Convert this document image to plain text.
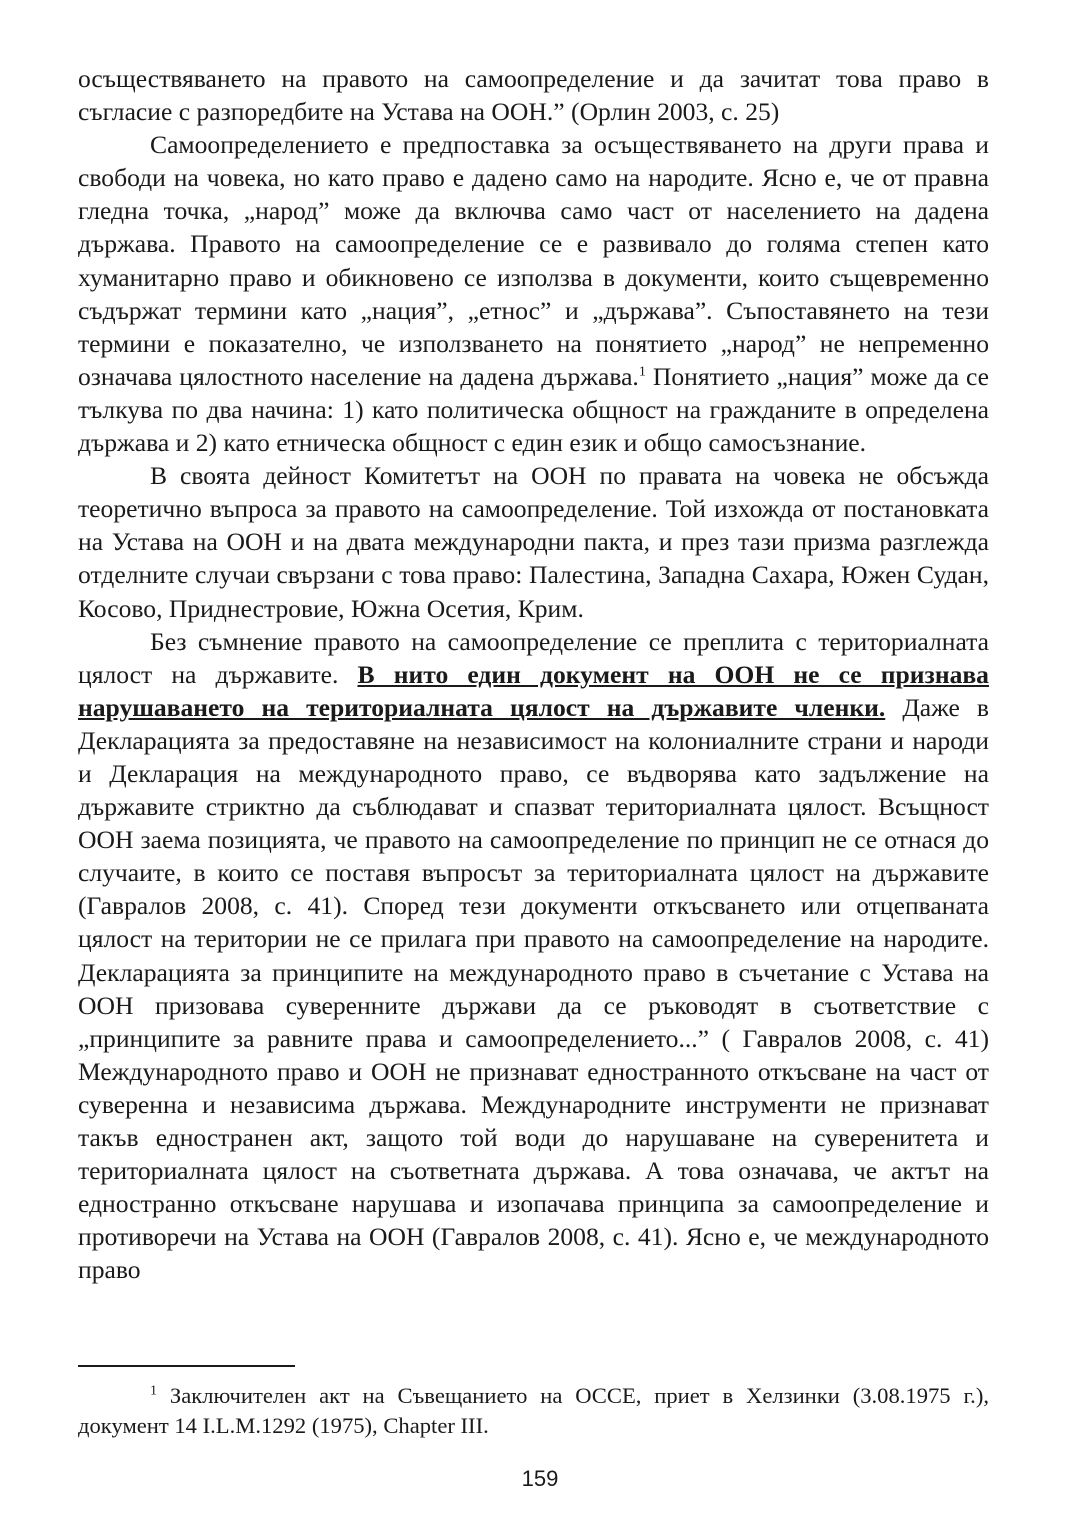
осъществяването на правото на самоопределение и да зачитат това право в съгласие с разпоредбите на Устава на ООН.” (Орлин 2003, с. 25)

Самоопределението е предпоставка за осъществяването на други права и свободи на човека, но като право е дадено само на народите. Ясно е, че от правна гледна точка, „народ” може да включва само част от населението на дадена държава. Правото на самоопределение се е развивало до голяма степен като хуманитарно право и обикновено се използва в документи, които същевременно съдържат термини като „нация”, „етнос” и „държава”. Съпоставянето на тези термини е показателно, че използването на понятието „народ” не непременно означава цялостното население на дадена държава.$^1$ Понятието „нация” може да се тълкува по два начина: 1) като политическа общност на гражданите в определена държава и 2) като етническа общност с един език и общо самосъзнание.

В своята дейност Комитетът на ООН по правата на човека не обсъжда теоретично въпроса за правото на самоопределение. Той изхожда от постановката на Устава на ООН и на двата международни пакта, и през тази призма разглежда отделните случаи свързани с това право: Палестина, Западна Сахара, Южен Судан, Косово, Приднестровие, Южна Осетия, Крим.

Без съмнение правото на самоопределение се преплита с териториалната цялост на държавите. В нито един документ на ООН не се признава нарушаването на териториалната цялост на държавите членки. Даже в Декларацията за предоставяне на независимост на колониалните страни и народи и Декларация на международното право, се въдворява като задължение на държавите стриктно да съблюдават и спазват териториалната цялост. Всъщност ООН заема позицията, че правото на самоопределение по принцип не се отнася до случаите, в които се поставя въпросът за териториалната цялост на държавите (Гавралов 2008, с. 41). Според тези документи откъсването или отцепваната цялост на територии не се прилага при правото на самоопределение на народите. Декларацията за принципите на международното право в съчетание с Устава на ООН призовава суверенните държави да се ръководят в съответствие с „принципите за равните права и самоопределението...” ( Гавралов 2008, с. 41) Международното право и ООН не признават едностранното откъсване на част от суверенна и независима държава. Международните инструменти не признават такъв едностранен акт, защото той води до нарушаване на суверенитета и териториалната цялост на съответната държава. А това означава, че актът на едностранно откъсване нарушава и изопачава принципа за самоопределение и противоречи на Устава на ООН (Гавралов 2008, с. 41). Ясно е, че международното право

$^1$ Заключителен акт на Съвещанието на ОССЕ, приет в Хелзинки (3.08.1975 г.), документ 14 I.L.M.1292 (1975), Chapter III.

159
